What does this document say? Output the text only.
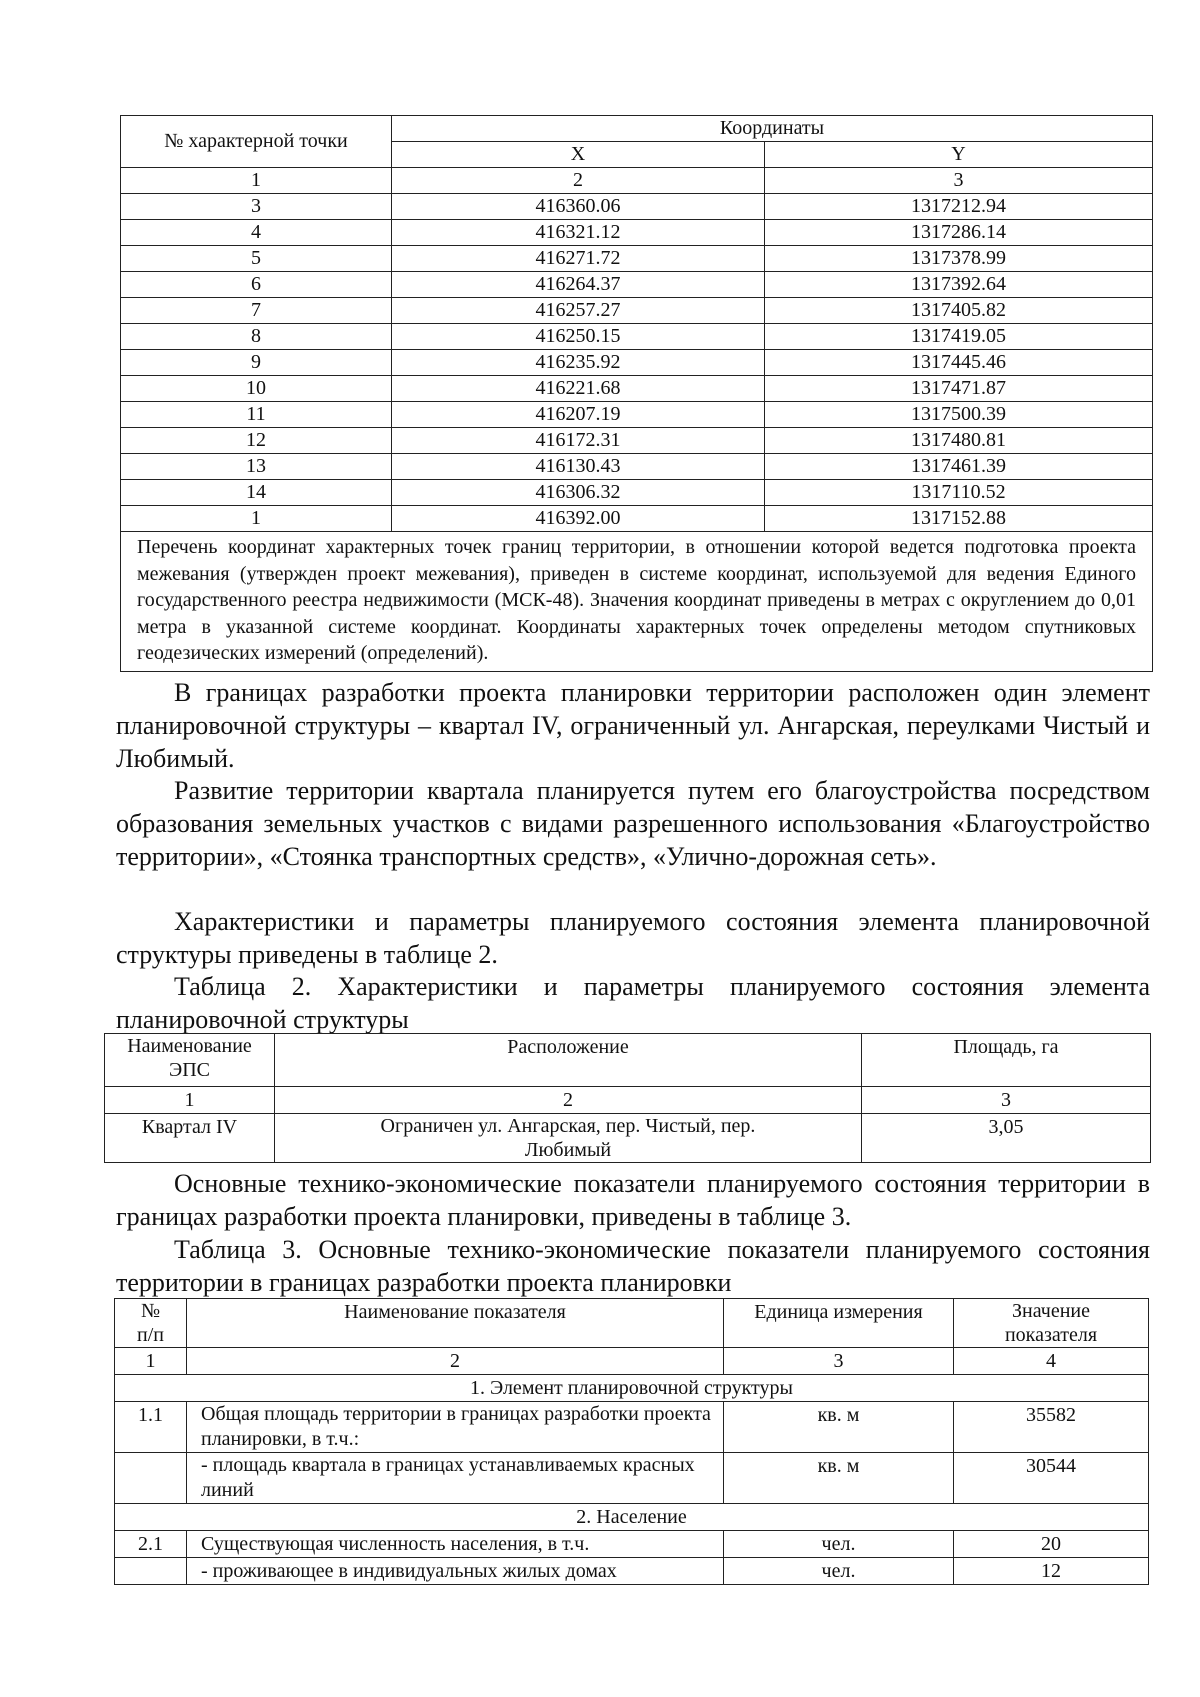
№ характерной точки	Координаты	
	X	Y
1	2	3
3	416360.06	1317212.94
4	416321.12	1317286.14
5	416271.72	1317378.99
6	416264.37	1317392.64
7	416257.27	1317405.82
8	416250.15	1317419.05
9	416235.92	1317445.46
10	416221.68	1317471.87
11	416207.19	1317500.39
12	416172.31	1317480.81
13	416130.43	1317461.39
14	416306.32	1317110.52
1	416392.00	1317152.88
Перечень координат характерных точек границ территории, в отношении которой ведется подготовка проекта межевания (утвержден проект межевания), приведен в системе координат, используемой для ведения Единого государственного реестра недвижимости (МСК-48). Значения координат приведены в метрах с округлением до 0,01 метра в указанной системе координат. Координаты характерных точек определены методом спутниковых геодезических измерений (определений).		
В границах разработки проекта планировки территории расположен один элемент планировочной структуры – квартал IV, ограниченный ул. Ангарская, переулками Чистый и Любимый.
Развитие территории квартала планируется путем его благоустройства посредством образования земельных участков с видами разрешенного использования «Благоустройство территории», «Стоянка транспортных средств», «Улично-дорожная сеть».
Характеристики и параметры планируемого состояния элемента планировочной структуры приведены в таблице 2.
Таблица 2. Характеристики и параметры планируемого состояния элемента планировочной структуры
Наименование ЭПС	Расположение	Площадь, га
1	2	3
Квартал IV	Ограничен ул. Ангарская, пер. Чистый, пер. Любимый	3,05
Основные технико-экономические показатели планируемого состояния территории в границах разработки проекта планировки, приведены в таблице 3.
Таблица 3. Основные технико-экономические показатели планируемого состояния территории в границах разработки проекта планировки
№ п/п	Наименование показателя	Единица измерения	Значение показателя
1	2	3	4
1. Элемент планировочной структуры			
1.1	Общая площадь территории в границах разработки проекта планировки, в т.ч.:	кв. м	35582
	- площадь квартала в границах устанавливаемых красных линий	кв. м	30544
2. Население			
2.1	Существующая численность населения, в т.ч.	чел.	20
	- проживающее в индивидуальных жилых домах	чел.	12
